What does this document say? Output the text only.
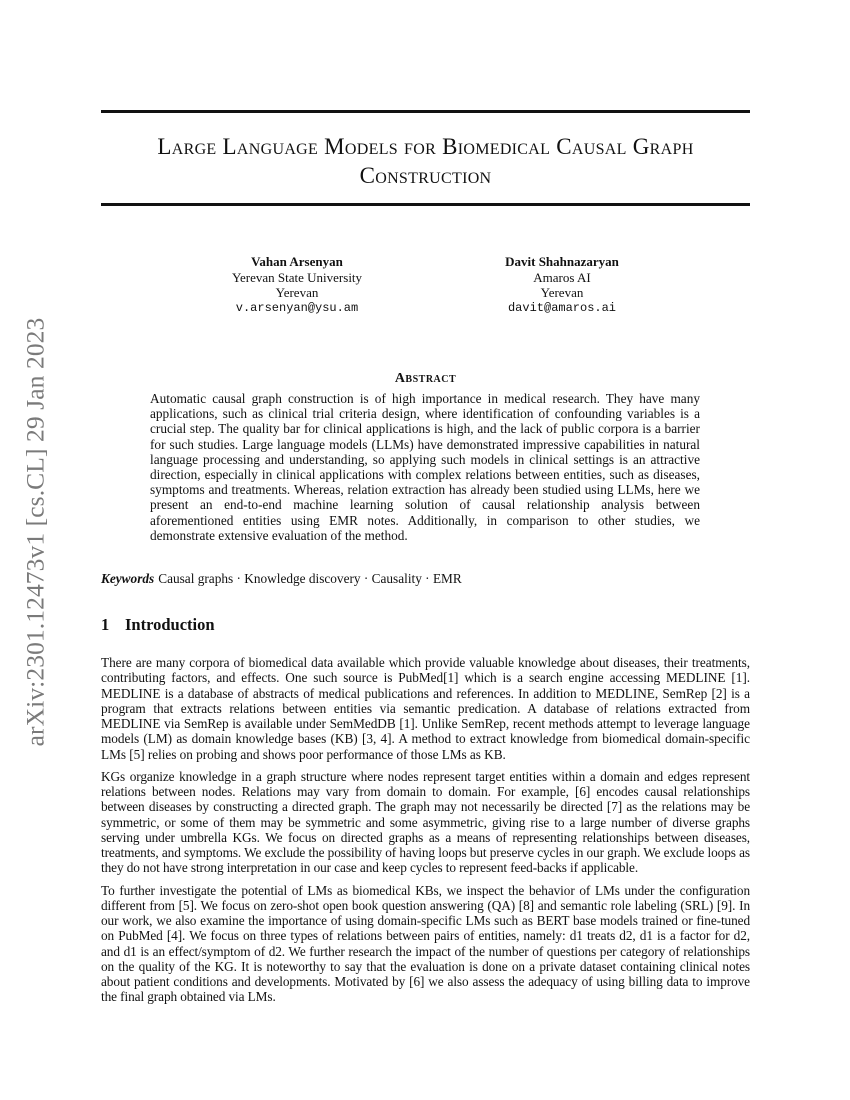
arXiv:2301.12473v1 [cs.CL] 29 Jan 2023
Large Language Models for Biomedical Causal Graph Construction
Vahan Arsenyan
Yerevan State University
Yerevan
v.arsenyan@ysu.am
Davit Shahnazaryan
Amaros AI
Yerevan
davit@amaros.ai
Abstract

Automatic causal graph construction is of high importance in medical research. They have many applications, such as clinical trial criteria design, where identification of confounding variables is a crucial step. The quality bar for clinical applications is high, and the lack of public corpora is a barrier for such studies. Large language models (LLMs) have demonstrated impressive capabilities in natural language processing and understanding, so applying such models in clinical settings is an attractive direction, especially in clinical applications with complex relations between entities, such as diseases, symptoms and treatments. Whereas, relation extraction has already been studied using LLMs, here we present an end-to-end machine learning solution of causal relationship analysis between aforementioned entities using EMR notes. Additionally, in comparison to other studies, we demonstrate extensive evaluation of the method.

Keywords Causal graphs · Knowledge discovery · Causality · EMR

1 Introduction

There are many corpora of biomedical data available which provide valuable knowledge about diseases, their treatments, contributing factors, and effects. One such source is PubMed[1] which is a search engine accessing MEDLINE [1]. MEDLINE is a database of abstracts of medical publications and references. In addition to MEDLINE, SemRep [2] is a program that extracts relations between entities via semantic predication. A database of relations extracted from MEDLINE via SemRep is available under SemMedDB [1]. Unlike SemRep, recent methods attempt to leverage language models (LM) as domain knowledge bases (KB) [3, 4]. A method to extract knowledge from biomedical domain-specific LMs [5] relies on probing and shows poor performance of those LMs as KB.

KGs organize knowledge in a graph structure where nodes represent target entities within a domain and edges represent relations between nodes. Relations may vary from domain to domain. For example, [6] encodes causal relationships between diseases by constructing a directed graph. The graph may not necessarily be directed [7] as the relations may be symmetric, or some of them may be symmetric and some asymmetric, giving rise to a large number of diverse graphs serving under umbrella KGs. We focus on directed graphs as a means of representing relationships between diseases, treatments, and symptoms. We exclude the possibility of having loops but preserve cycles in our graph. We exclude loops as they do not have strong interpretation in our case and keep cycles to represent feed-backs if applicable.

To further investigate the potential of LMs as biomedical KBs, we inspect the behavior of LMs under the configuration different from [5]. We focus on zero-shot open book question answering (QA) [8] and semantic role labeling (SRL) [9]. In our work, we also examine the importance of using domain-specific LMs such as BERT base models trained or fine-tuned on PubMed [4]. We focus on three types of relations between pairs of entities, namely: d1 treats d2, d1 is a factor for d2, and d1 is an effect/symptom of d2. We further research the impact of the number of questions per category of relationships on the quality of the KG. It is noteworthy to say that the evaluation is done on a private dataset containing clinical notes about patient conditions and developments. Motivated by [6] we also assess the adequacy of using billing data to improve the final graph obtained via LMs.
